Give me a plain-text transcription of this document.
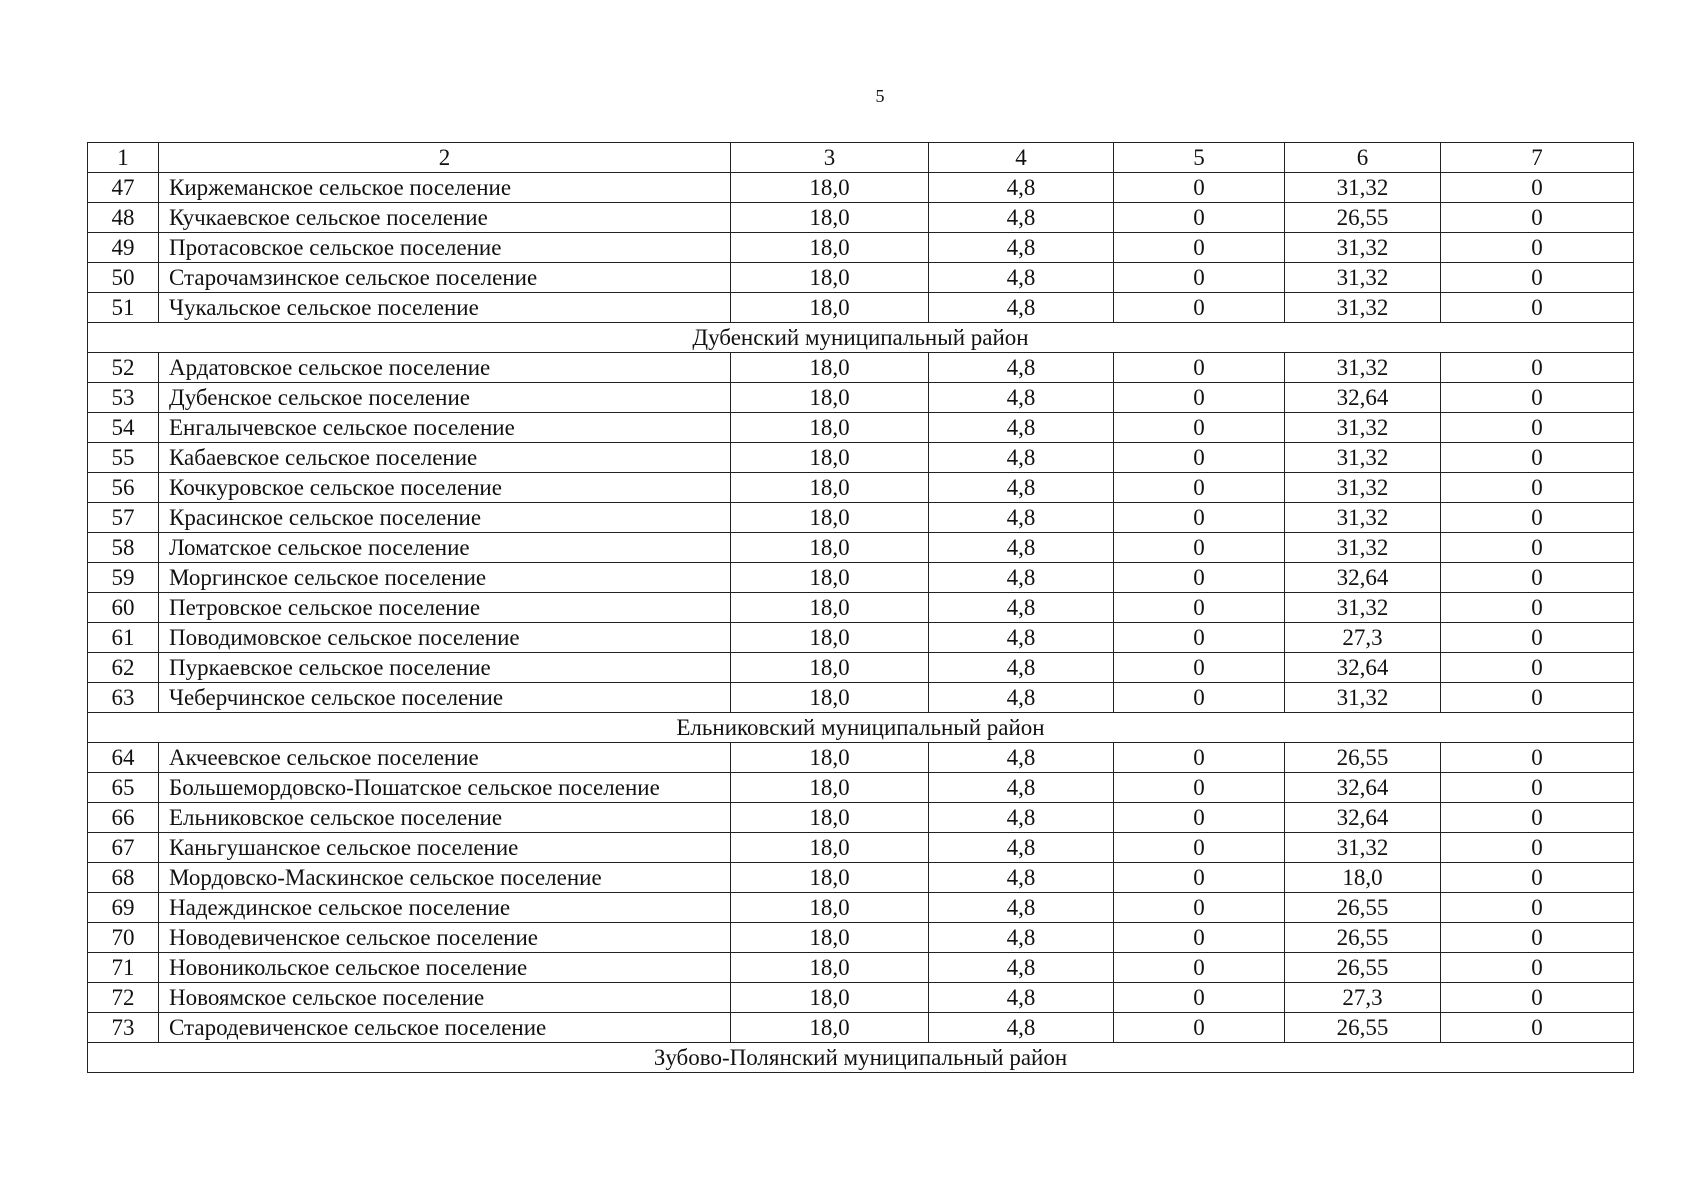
5
1	2	3	4	5	6	7
47	Киржеманское сельское поселение	18,0	4,8	0	31,32	0
48	Кучкаевское сельское поселение	18,0	4,8	0	26,55	0
49	Протасовское сельское поселение	18,0	4,8	0	31,32	0
50	Старочамзинское сельское поселение	18,0	4,8	0	31,32	0
51	Чукальское сельское поселение	18,0	4,8	0	31,32	0
Дубенский муниципальный район						
52	Ардатовское сельское поселение	18,0	4,8	0	31,32	0
53	Дубенское сельское поселение	18,0	4,8	0	32,64	0
54	Енгалычевское сельское поселение	18,0	4,8	0	31,32	0
55	Кабаевское сельское поселение	18,0	4,8	0	31,32	0
56	Кочкуровское сельское поселение	18,0	4,8	0	31,32	0
57	Красинское сельское поселение	18,0	4,8	0	31,32	0
58	Ломатское сельское поселение	18,0	4,8	0	31,32	0
59	Моргинское сельское поселение	18,0	4,8	0	32,64	0
60	Петровское сельское поселение	18,0	4,8	0	31,32	0
61	Поводимовское сельское поселение	18,0	4,8	0	27,3	0
62	Пуркаевское сельское поселение	18,0	4,8	0	32,64	0
63	Чеберчинское сельское поселение	18,0	4,8	0	31,32	0
Ельниковский муниципальный район						
64	Акчеевское сельское поселение	18,0	4,8	0	26,55	0
65	Большемордовско-Пошатское сельское поселение	18,0	4,8	0	32,64	0
66	Ельниковское сельское поселение	18,0	4,8	0	32,64	0
67	Каньгушанское сельское поселение	18,0	4,8	0	31,32	0
68	Мордовско-Маскинское сельское поселение	18,0	4,8	0	18,0	0
69	Надеждинское сельское поселение	18,0	4,8	0	26,55	0
70	Новодевиченское сельское поселение	18,0	4,8	0	26,55	0
71	Новоникольское сельское поселение	18,0	4,8	0	26,55	0
72	Новоямское сельское поселение	18,0	4,8	0	27,3	0
73	Стародевиченское сельское поселение	18,0	4,8	0	26,55	0
Зубово-Полянский муниципальный район						
